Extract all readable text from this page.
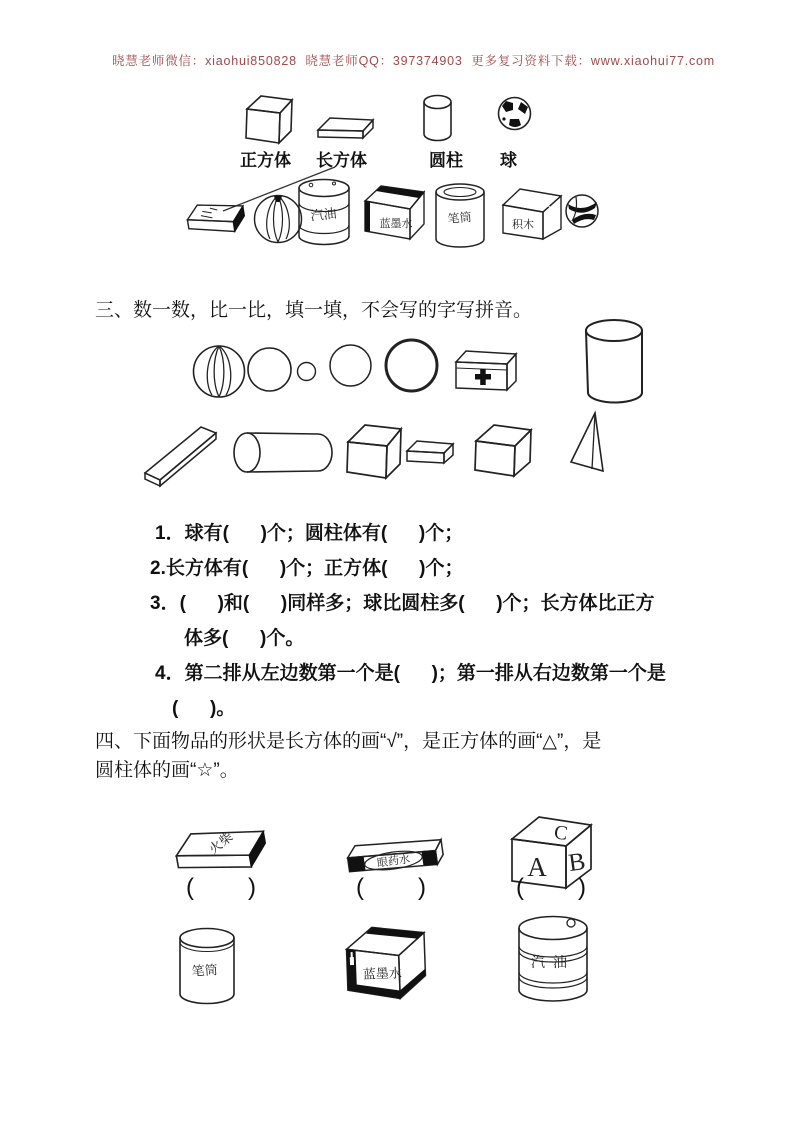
晓慧老师微信：xiaohui850828  晓慧老师QQ：397374903  更多复习资料下载：www.xiaohui77.com
正方体 长方体	圆柱 球
汽油
蓝墨水	笔筒	积木
三、数一数，比一比，填一填，不会写的字写拼音。
1．球有(      )个；圆柱体有(      )个；
2.长方体有(      )个；正方体(      )个；
3．(      )和(      )同样多；球比圆柱多(      )个；长方体比正方
体多(      )个。
4．第二排从左边数第一个是(      )；第一排从右边数第一个是
(      )。
四、下面物品的形状是长方体的画“√”，是正方体的画“△”，是
圆柱体的画“☆”。
火柴
眼药水
C
A B
(      )	(      )	(      )
笔筒	蓝墨水
汽油
